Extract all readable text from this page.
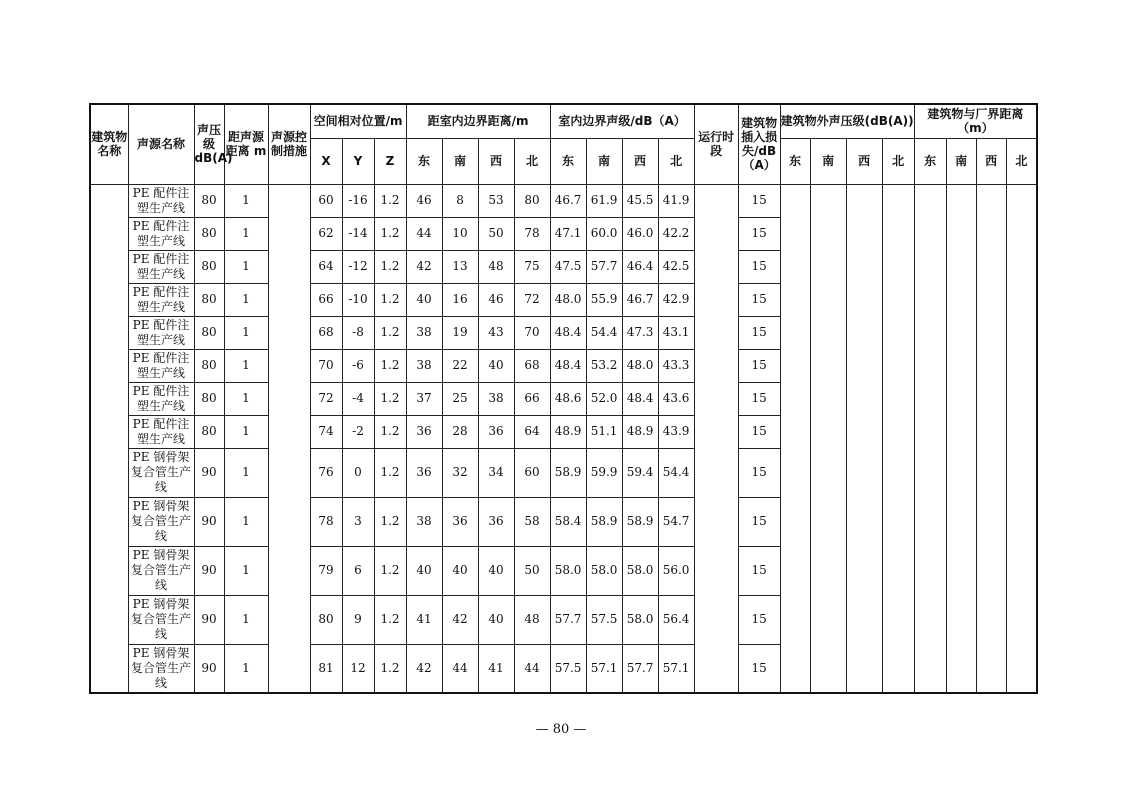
建筑物名称	声源名称	声压级dB(A)	距声源距离 m	声源控制措施	空间相对位置/m			距室内边界距离/m				室内边界声级/dB（A）				运行时段	建筑物插入损失/dB（A）	建筑物外声压级(dB(A))				建筑物与厂界距离（m）			
					X	Y	Z	东	南	西	北	东	南	西	北			东	南	西	北	东	南	西	北
	PE 配件注塑生产线	80	1		60	-16	1.2	46	8	53	80	46.7	61.9	45.5	41.9		15								
	PE 配件注塑生产线	80	1		62	-14	1.2	44	10	50	78	47.1	60.0	46.0	42.2		15								
	PE 配件注塑生产线	80	1		64	-12	1.2	42	13	48	75	47.5	57.7	46.4	42.5		15								
	PE 配件注塑生产线	80	1		66	-10	1.2	40	16	46	72	48.0	55.9	46.7	42.9		15								
	PE 配件注塑生产线	80	1		68	-8	1.2	38	19	43	70	48.4	54.4	47.3	43.1		15								
	PE 配件注塑生产线	80	1		70	-6	1.2	38	22	40	68	48.4	53.2	48.0	43.3		15								
	PE 配件注塑生产线	80	1		72	-4	1.2	37	25	38	66	48.6	52.0	48.4	43.6		15								
	PE 配件注塑生产线	80	1		74	-2	1.2	36	28	36	64	48.9	51.1	48.9	43.9		15								
	PE 钢骨架复合管生产线	90	1		76	0	1.2	36	32	34	60	58.9	59.9	59.4	54.4		15								
	PE 钢骨架复合管生产线	90	1		78	3	1.2	38	36	36	58	58.4	58.9	58.9	54.7		15								
	PE 钢骨架复合管生产线	90	1		79	6	1.2	40	40	40	50	58.0	58.0	58.0	56.0		15								
	PE 钢骨架复合管生产线	90	1		80	9	1.2	41	42	40	48	57.7	57.5	58.0	56.4		15								
	PE 钢骨架复合管生产线	90	1		81	12	1.2	42	44	41	44	57.5	57.1	57.7	57.1		15								
— 80 —
